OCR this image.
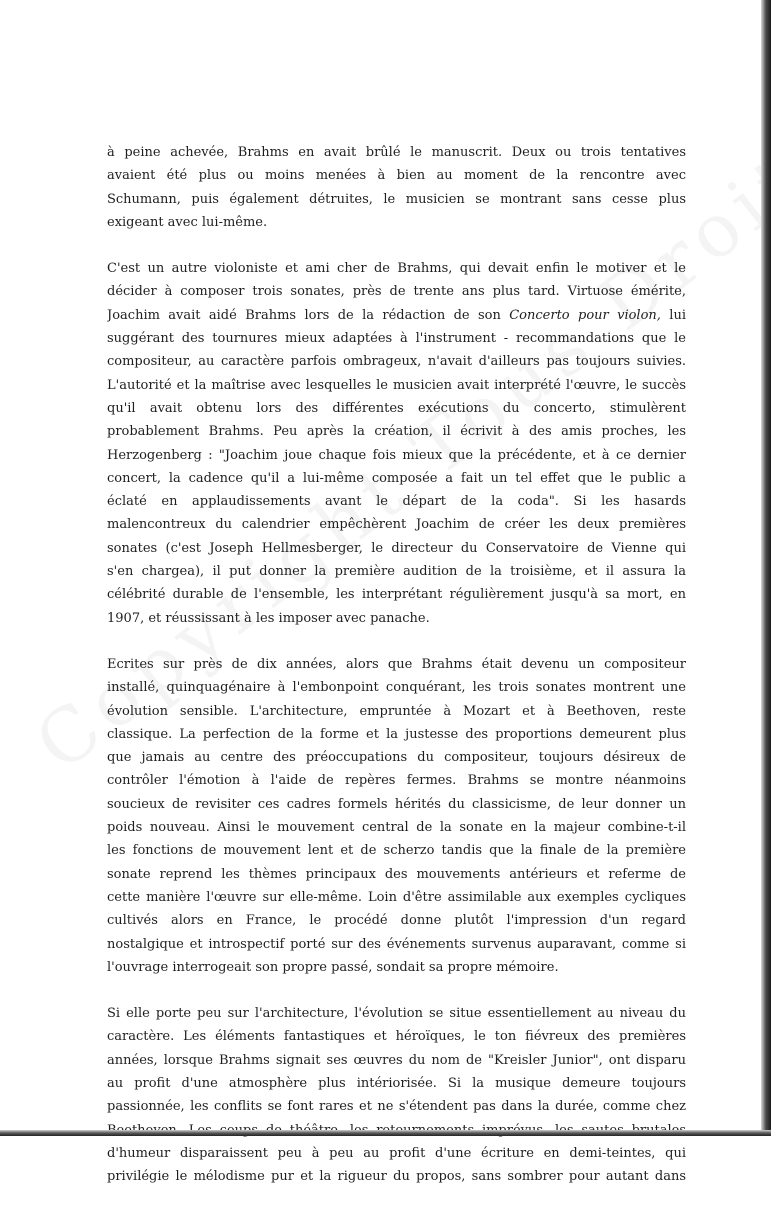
à peine achevée, Brahms en avait brûlé le manuscrit. Deux ou trois tentatives
avaient été plus ou moins menées à bien au moment de la rencontre avec
Schumann, puis également détruites, le musicien se montrant sans cesse plus
exigeant avec lui-même.
C'est un autre violoniste et ami cher de Brahms, qui devait enfin le motiver et le
décider à composer trois sonates, près de trente ans plus tard. Virtuose émérite,
Joachim avait aidé Brahms lors de la rédaction de son Concerto pour violon, lui
suggérant des tournures mieux adaptées à l'instrument - recommandations que le
compositeur, au caractère parfois ombrageux, n'avait d'ailleurs pas toujours suivies.
L'autorité et la maîtrise avec lesquelles le musicien avait interprété l'œuvre, le succès
qu'il avait obtenu lors des différentes exécutions du concerto, stimulèrent
probablement Brahms. Peu après la création, il écrivit à des amis proches, les
Herzogenberg : "Joachim joue chaque fois mieux que la précédente, et à ce dernier
concert, la cadence qu'il a lui-même composée a fait un tel effet que le public a
éclaté en applaudissements avant le départ de la coda". Si les hasards
malencontreux du calendrier empêchèrent Joachim de créer les deux premières
sonates (c'est Joseph Hellmesberger, le directeur du Conservatoire de Vienne qui
s'en chargea), il put donner la première audition de la troisième, et il assura la
célébrité durable de l'ensemble, les interprétant régulièrement jusqu'à sa mort, en
1907, et réussissant à les imposer avec panache.
Ecrites sur près de dix années, alors que Brahms était devenu un compositeur
installé, quinquagénaire à l'embonpoint conquérant, les trois sonates montrent une
évolution sensible. L'architecture, empruntée à Mozart et à Beethoven, reste
classique. La perfection de la forme et la justesse des proportions demeurent plus
que jamais au centre des préoccupations du compositeur, toujours désireux de
contrôler l'émotion à l'aide de repères fermes. Brahms se montre néanmoins
soucieux de revisiter ces cadres formels hérités du classicisme, de leur donner un
poids nouveau. Ainsi le mouvement central de la sonate en la majeur combine-t-il
les fonctions de mouvement lent et de scherzo tandis que la finale de la première
sonate reprend les thèmes principaux des mouvements antérieurs et referme de
cette manière l'œuvre sur elle-même. Loin d'être assimilable aux exemples cycliques
cultivés alors en France, le procédé donne plutôt l'impression d'un regard
nostalgique et introspectif porté sur des événements survenus auparavant, comme si
l'ouvrage interrogeait son propre passé, sondait sa propre mémoire.
Si elle porte peu sur l'architecture, l'évolution se situe essentiellement au niveau du
caractère. Les éléments fantastiques et héroïques, le ton fiévreux des premières
années, lorsque Brahms signait ses œuvres du nom de "Kreisler Junior", ont disparu
au profit d'une atmosphère plus intériorisée. Si la musique demeure toujours
passionnée, les conflits se font rares et ne s'étendent pas dans la durée, comme chez
d'humeur disparaissent peu à peu au profit d'une écriture en demi-teintes, qui
privilégie le mélodisme pur et la rigueur du propos, sans sombrer pour autant dans
